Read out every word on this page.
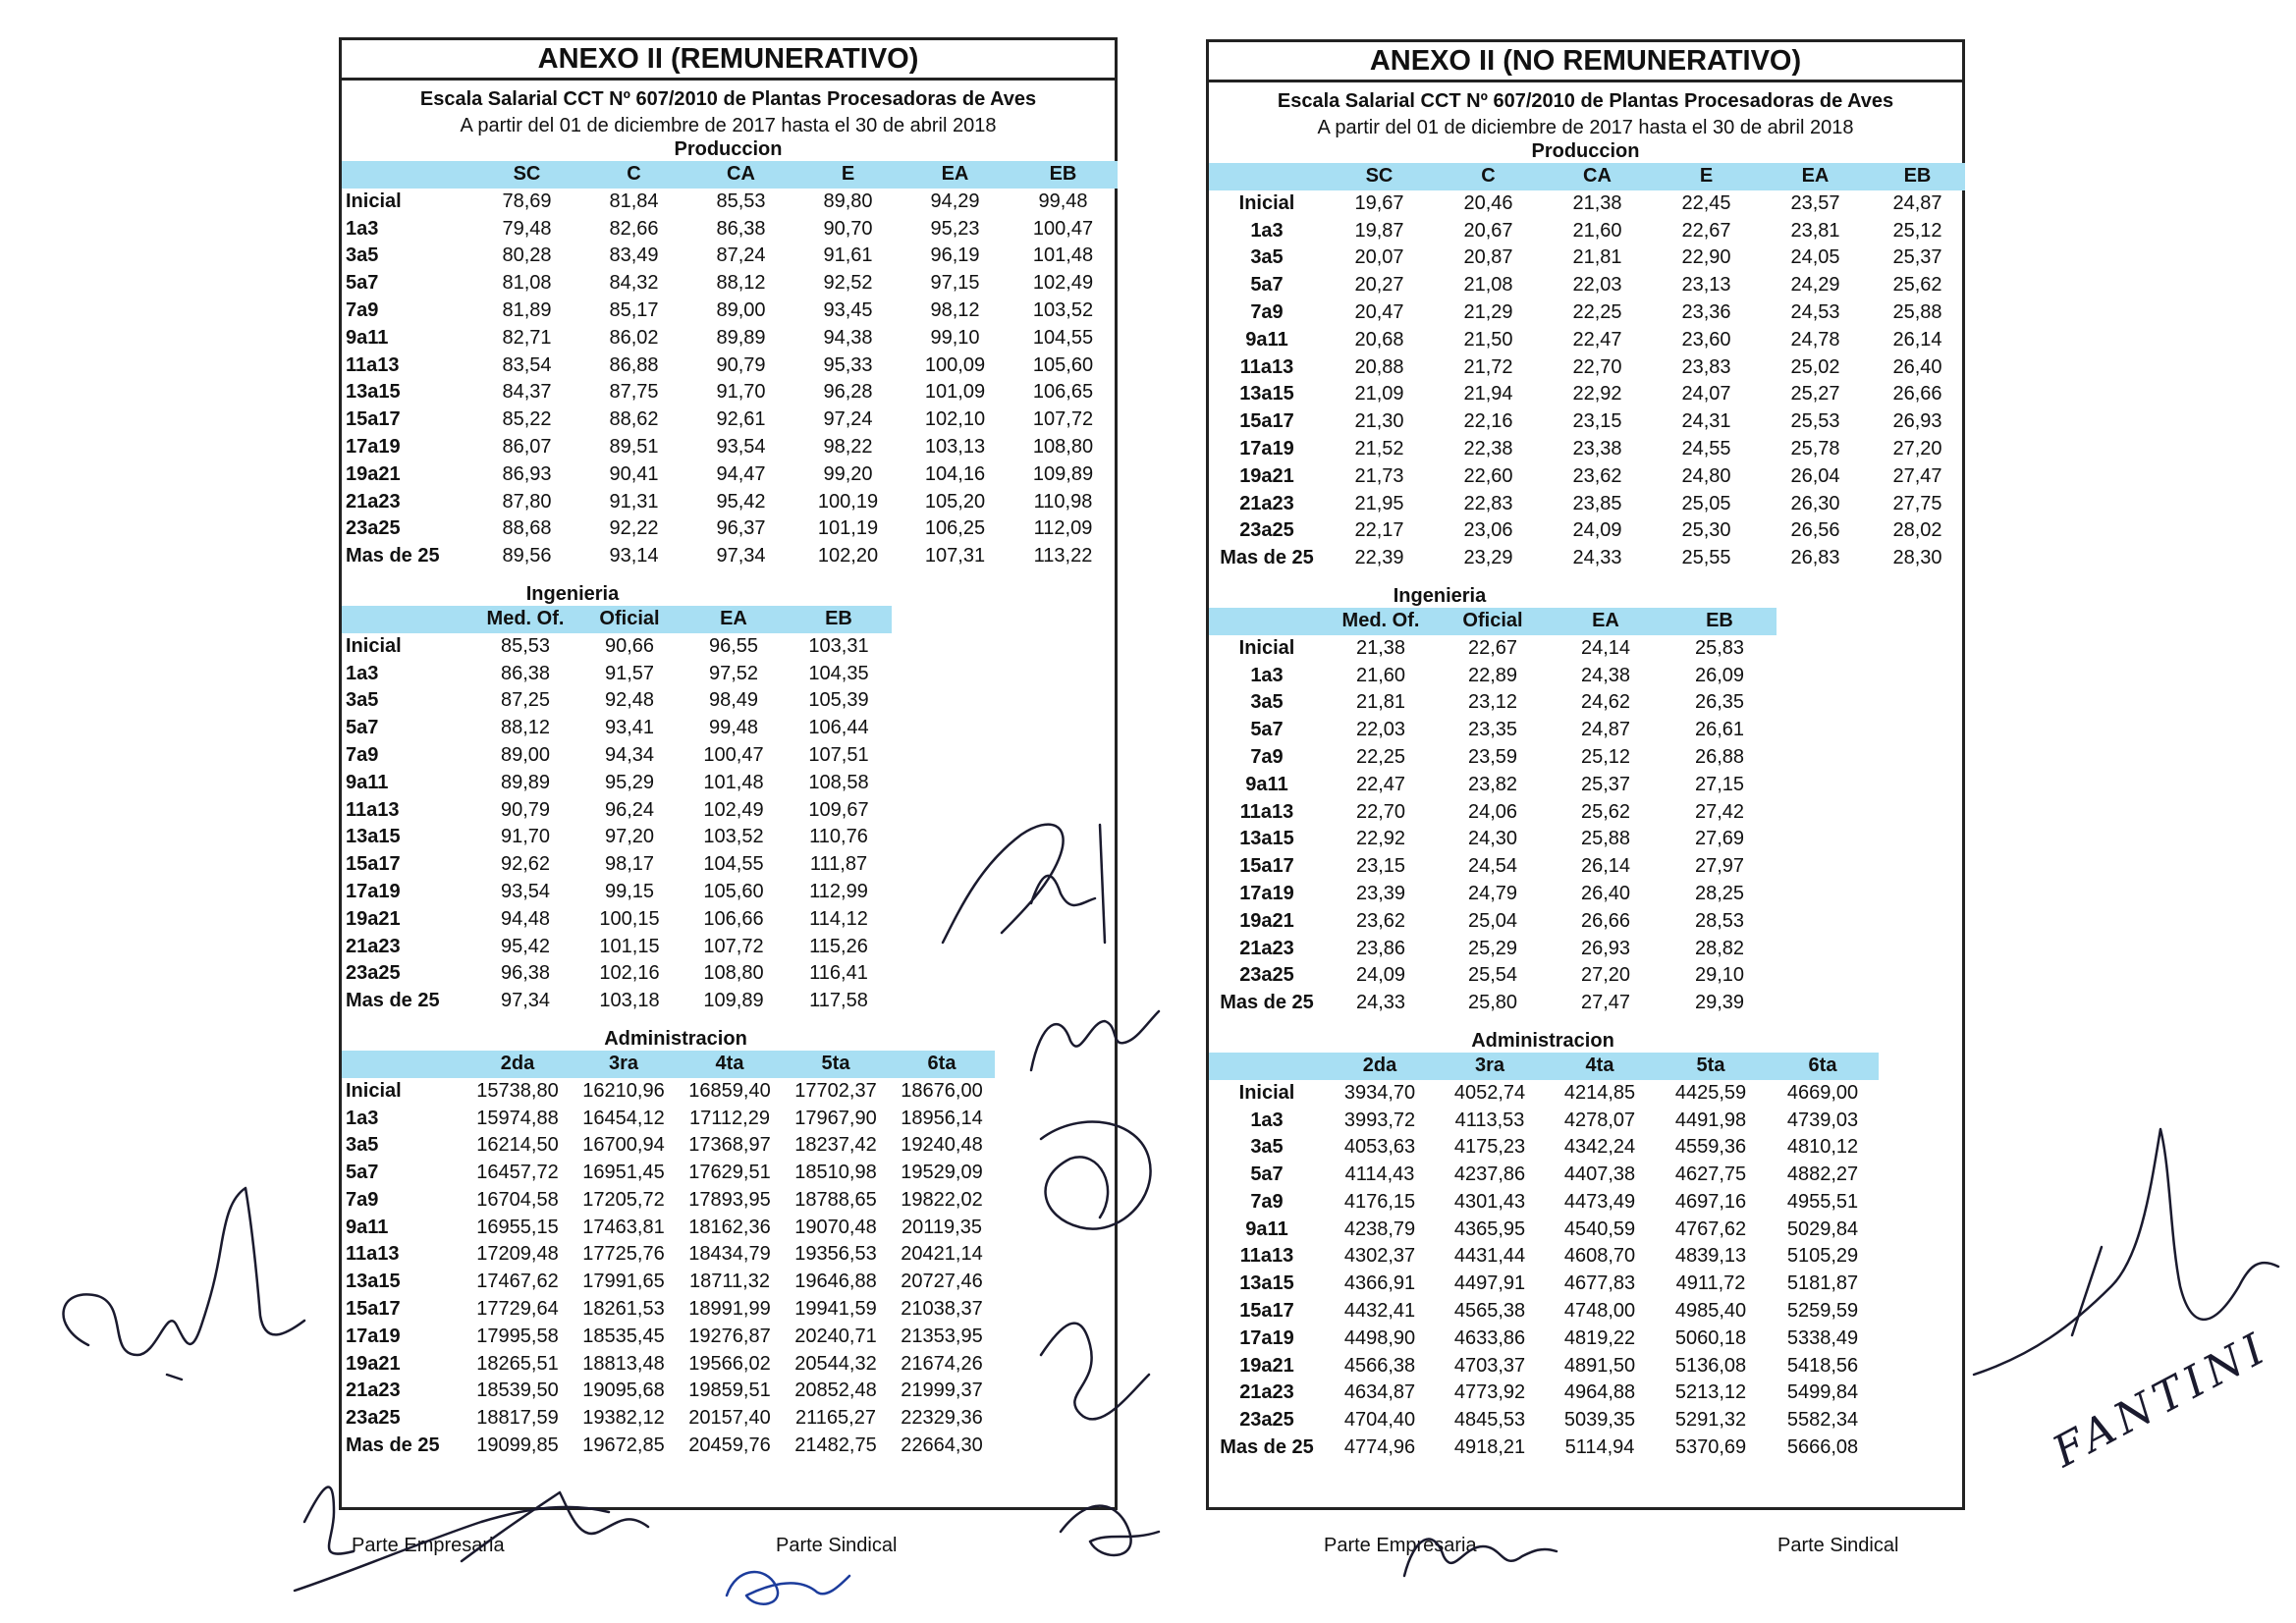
ANEXO II (REMUNERATIVO)
Escala Salarial CCT Nº 607/2010 de Plantas Procesadoras de Aves
A partir del 01 de diciembre de 2017 hasta el 30 de abril 2018
Produccion
	SC	C	CA	E	EA	EB
Inicial	78,69	81,84	85,53	89,80	94,29	99,48
1a3	79,48	82,66	86,38	90,70	95,23	100,47
3a5	80,28	83,49	87,24	91,61	96,19	101,48
5a7	81,08	84,32	88,12	92,52	97,15	102,49
7a9	81,89	85,17	89,00	93,45	98,12	103,52
9a11	82,71	86,02	89,89	94,38	99,10	104,55
11a13	83,54	86,88	90,79	95,33	100,09	105,60
13a15	84,37	87,75	91,70	96,28	101,09	106,65
15a17	85,22	88,62	92,61	97,24	102,10	107,72
17a19	86,07	89,51	93,54	98,22	103,13	108,80
19a21	86,93	90,41	94,47	99,20	104,16	109,89
21a23	87,80	91,31	95,42	100,19	105,20	110,98
23a25	88,68	92,22	96,37	101,19	106,25	112,09
Mas de 25	89,56	93,14	97,34	102,20	107,31	113,22
Ingenieria
	Med. Of.	Oficial	EA	EB
Inicial	85,53	90,66	96,55	103,31
1a3	86,38	91,57	97,52	104,35
3a5	87,25	92,48	98,49	105,39
5a7	88,12	93,41	99,48	106,44
7a9	89,00	94,34	100,47	107,51
9a11	89,89	95,29	101,48	108,58
11a13	90,79	96,24	102,49	109,67
13a15	91,70	97,20	103,52	110,76
15a17	92,62	98,17	104,55	111,87
17a19	93,54	99,15	105,60	112,99
19a21	94,48	100,15	106,66	114,12
21a23	95,42	101,15	107,72	115,26
23a25	96,38	102,16	108,80	116,41
Mas de 25	97,34	103,18	109,89	117,58
Administracion
	2da	3ra	4ta	5ta	6ta
Inicial	15738,80	16210,96	16859,40	17702,37	18676,00
1a3	15974,88	16454,12	17112,29	17967,90	18956,14
3a5	16214,50	16700,94	17368,97	18237,42	19240,48
5a7	16457,72	16951,45	17629,51	18510,98	19529,09
7a9	16704,58	17205,72	17893,95	18788,65	19822,02
9a11	16955,15	17463,81	18162,36	19070,48	20119,35
11a13	17209,48	17725,76	18434,79	19356,53	20421,14
13a15	17467,62	17991,65	18711,32	19646,88	20727,46
15a17	17729,64	18261,53	18991,99	19941,59	21038,37
17a19	17995,58	18535,45	19276,87	20240,71	21353,95
19a21	18265,51	18813,48	19566,02	20544,32	21674,26
21a23	18539,50	19095,68	19859,51	20852,48	21999,37
23a25	18817,59	19382,12	20157,40	21165,27	22329,36
Mas de 25	19099,85	19672,85	20459,76	21482,75	22664,30
ANEXO II (NO REMUNERATIVO)
Escala Salarial CCT Nº 607/2010 de Plantas Procesadoras de Aves
A partir del 01 de diciembre de 2017 hasta el 30 de abril 2018
Produccion
	SC	C	CA	E	EA	EB
Inicial	19,67	20,46	21,38	22,45	23,57	24,87
1a3	19,87	20,67	21,60	22,67	23,81	25,12
3a5	20,07	20,87	21,81	22,90	24,05	25,37
5a7	20,27	21,08	22,03	23,13	24,29	25,62
7a9	20,47	21,29	22,25	23,36	24,53	25,88
9a11	20,68	21,50	22,47	23,60	24,78	26,14
11a13	20,88	21,72	22,70	23,83	25,02	26,40
13a15	21,09	21,94	22,92	24,07	25,27	26,66
15a17	21,30	22,16	23,15	24,31	25,53	26,93
17a19	21,52	22,38	23,38	24,55	25,78	27,20
19a21	21,73	22,60	23,62	24,80	26,04	27,47
21a23	21,95	22,83	23,85	25,05	26,30	27,75
23a25	22,17	23,06	24,09	25,30	26,56	28,02
Mas de 25	22,39	23,29	24,33	25,55	26,83	28,30
Ingenieria
	Med. Of.	Oficial	EA	EB
Inicial	21,38	22,67	24,14	25,83
1a3	21,60	22,89	24,38	26,09
3a5	21,81	23,12	24,62	26,35
5a7	22,03	23,35	24,87	26,61
7a9	22,25	23,59	25,12	26,88
9a11	22,47	23,82	25,37	27,15
11a13	22,70	24,06	25,62	27,42
13a15	22,92	24,30	25,88	27,69
15a17	23,15	24,54	26,14	27,97
17a19	23,39	24,79	26,40	28,25
19a21	23,62	25,04	26,66	28,53
21a23	23,86	25,29	26,93	28,82
23a25	24,09	25,54	27,20	29,10
Mas de 25	24,33	25,80	27,47	29,39
Administracion
	2da	3ra	4ta	5ta	6ta
Inicial	3934,70	4052,74	4214,85	4425,59	4669,00
1a3	3993,72	4113,53	4278,07	4491,98	4739,03
3a5	4053,63	4175,23	4342,24	4559,36	4810,12
5a7	4114,43	4237,86	4407,38	4627,75	4882,27
7a9	4176,15	4301,43	4473,49	4697,16	4955,51
9a11	4238,79	4365,95	4540,59	4767,62	5029,84
11a13	4302,37	4431,44	4608,70	4839,13	5105,29
13a15	4366,91	4497,91	4677,83	4911,72	5181,87
15a17	4432,41	4565,38	4748,00	4985,40	5259,59
17a19	4498,90	4633,86	4819,22	5060,18	5338,49
19a21	4566,38	4703,37	4891,50	5136,08	5418,56
21a23	4634,87	4773,92	4964,88	5213,12	5499,84
23a25	4704,40	4845,53	5039,35	5291,32	5582,34
Mas de 25	4774,96	4918,21	5114,94	5370,69	5666,08
Parte Empresaria	Parte Sindical	Parte Empresaria	Parte Sindical
FANTINI
